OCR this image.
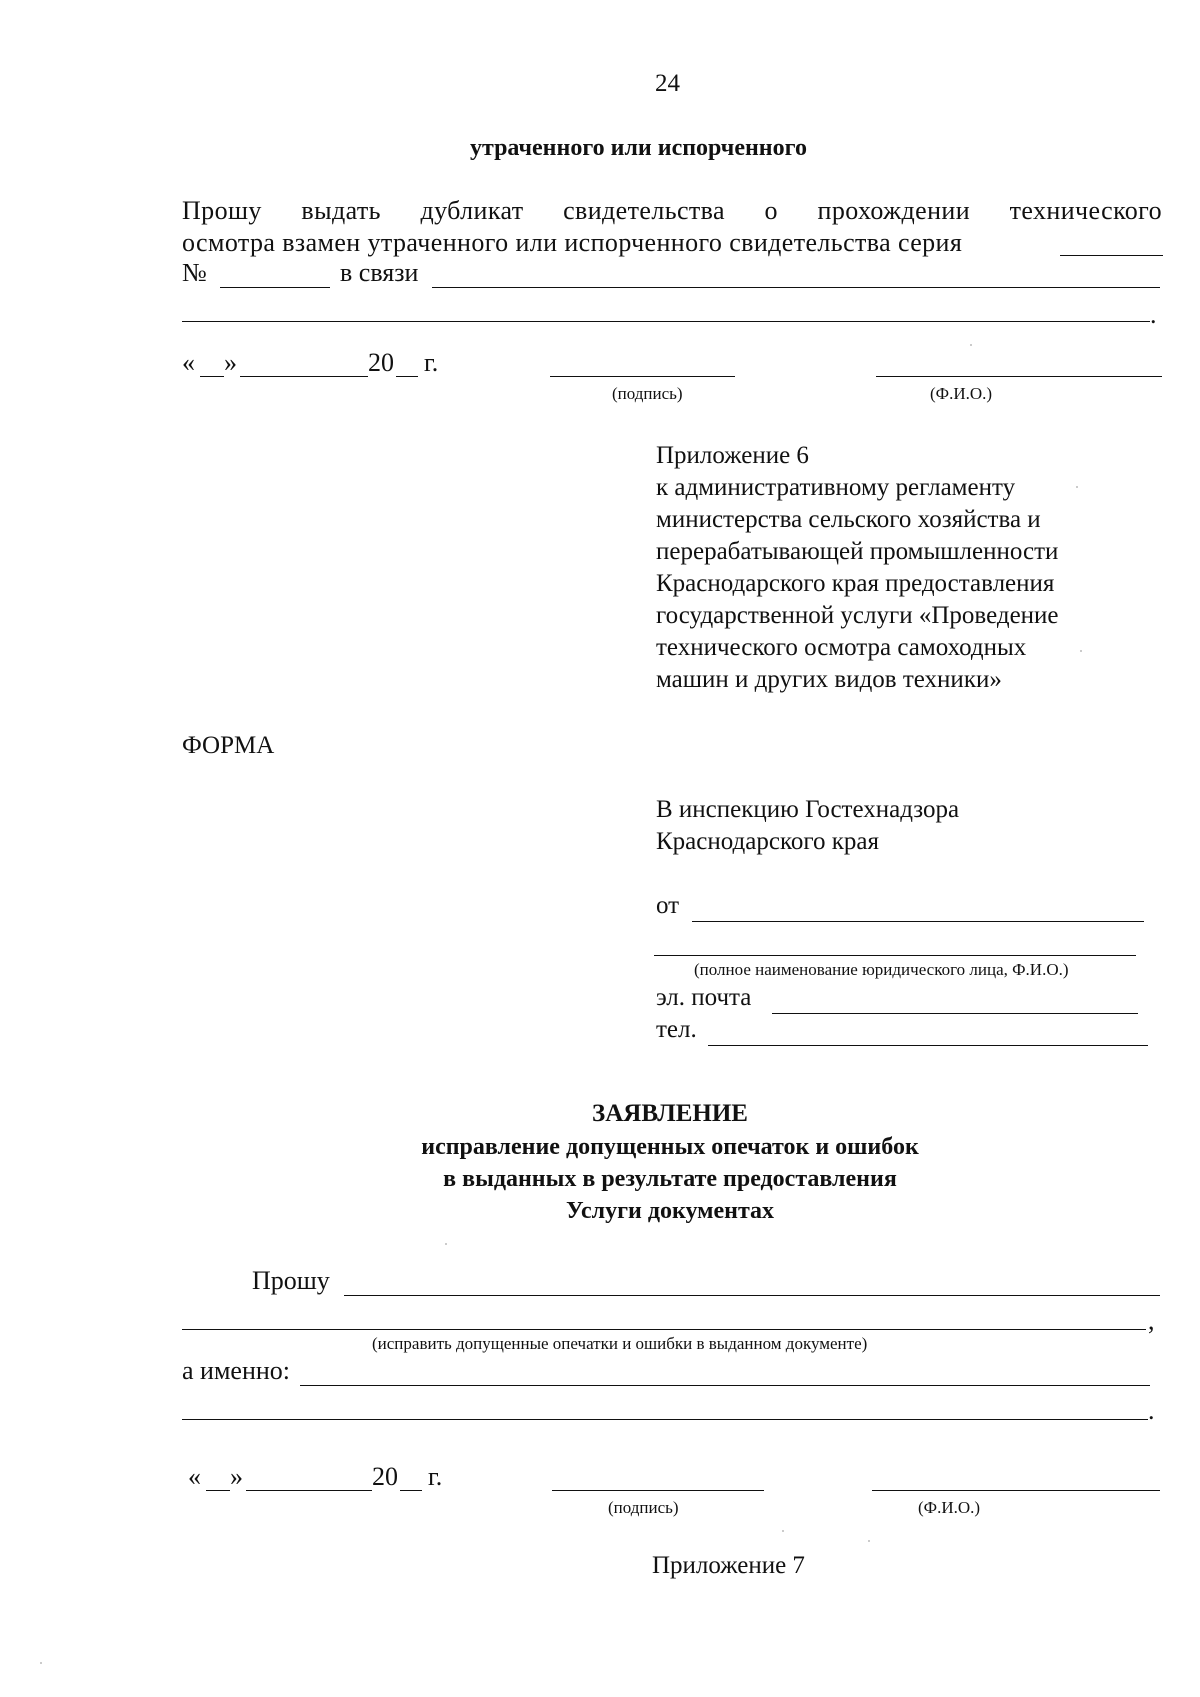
24
утраченного или испорченного
Прошу выдать дубликат свидетельства о прохождении технического
осмотра взамен утраченного или испорченного свидетельства серия
№	в связи
.
« »	20 г.
(подпись)	(Ф.И.О.)
Приложение 6
к административному регламенту
министерства сельского хозяйства и
перерабатывающей промышленности
Краснодарского края предоставления
государственной услуги «Проведение
технического осмотра самоходных
машин и других видов техники»
ФОРМА
В инспекцию Гостехнадзора
Краснодарского края
от
(полное наименование юридического лица, Ф.И.О.)
эл. почта
тел.
ЗАЯВЛЕНИЕ
исправление допущенных опечаток и ошибок
в выданных в результате предоставления
Услуги документах
Прошу
,
(исправить допущенные опечатки и ошибки в выданном документе)
а именно:
.
« »	20 г.
(подпись)	(Ф.И.О.)
Приложение 7
